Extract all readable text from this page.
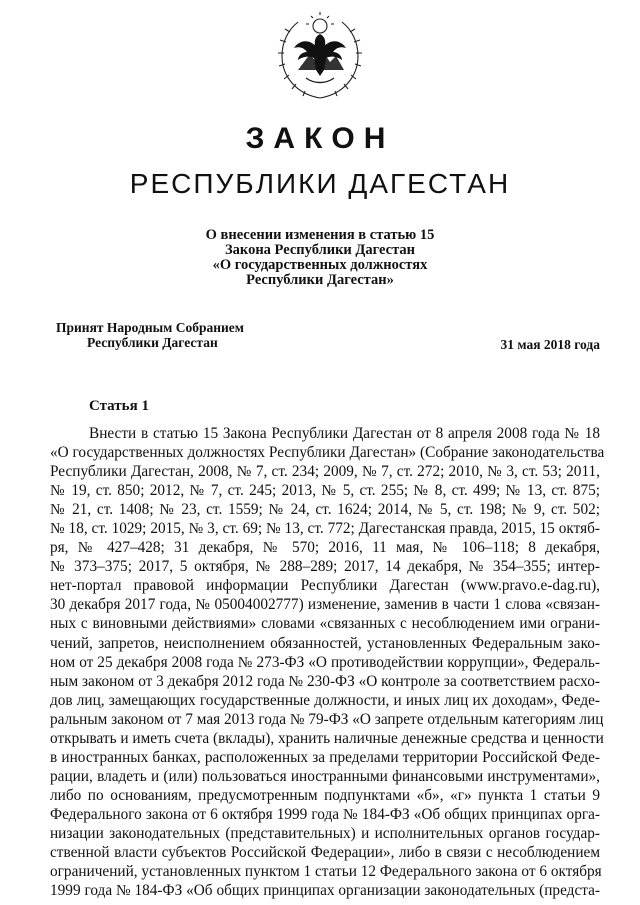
ЗАКОН
РЕСПУБЛИКИ ДАГЕСТАН
О внесении изменения в статью 15
Закона Республики Дагестан
«О государственных должностях
Республики Дагестан»
Принят Народным Собранием
Республики Дагестан	31 мая 2018 года
Статья 1
Внести в статью 15 Закона Республики Дагестан от 8 апреля 2008 года № 18
«О государственных должностях Республики Дагестан» (Собрание законодательства
Республики Дагестан, 2008, № 7, ст. 234; 2009, № 7, ст. 272; 2010, № 3, ст. 53; 2011,
№ 19, ст. 850; 2012, № 7, ст. 245; 2013, № 5, ст. 255; № 8, ст. 499; № 13, ст. 875;
№ 21, ст. 1408; № 23, ст. 1559; № 24, ст. 1624; 2014, № 5, ст. 198; № 9, ст. 502;
№ 18, ст. 1029; 2015, № 3, ст. 69; № 13, ст. 772; Дагестанская правда, 2015, 15 октяб-
ря, № 427–428; 31 декабря, № 570; 2016, 11 мая, № 106–118; 8 декабря,
№ 373–375; 2017, 5 октября, № 288–289; 2017, 14 декабря, № 354–355; интер-
нет-портал правовой информации Республики Дагестан (www.pravo.e-dag.ru),
30 декабря 2017 года, № 05004002777) изменение, заменив в части 1 слова «связан-
ных с виновными действиями» словами «связанных с несоблюдением ими ограни-
чений, запретов, неисполнением обязанностей, установленных Федеральным зако-
ном от 25 декабря 2008 года № 273-ФЗ «О противодействии коррупции», Федераль-
ным законом от 3 декабря 2012 года № 230-ФЗ «О контроле за соответствием расхо-
дов лиц, замещающих государственные должности, и иных лиц их доходам», Феде-
ральным законом от 7 мая 2013 года № 79-ФЗ «О запрете отдельным категориям лиц
открывать и иметь счета (вклады), хранить наличные денежные средства и ценности
в иностранных банках, расположенных за пределами территории Российской Феде-
рации, владеть и (или) пользоваться иностранными финансовыми инструментами»,
либо по основаниям, предусмотренным подпунктами «б», «г» пункта 1 статьи 9
Федерального закона от 6 октября 1999 года № 184-ФЗ «Об общих принципах орга-
низации законодательных (представительных) и исполнительных органов государ-
ственной власти субъектов Российской Федерации», либо в связи с несоблюдением
ограничений, установленных пунктом 1 статьи 12 Федерального закона от 6 октября
1999 года № 184-ФЗ «Об общих принципах организации законодательных (предста-
